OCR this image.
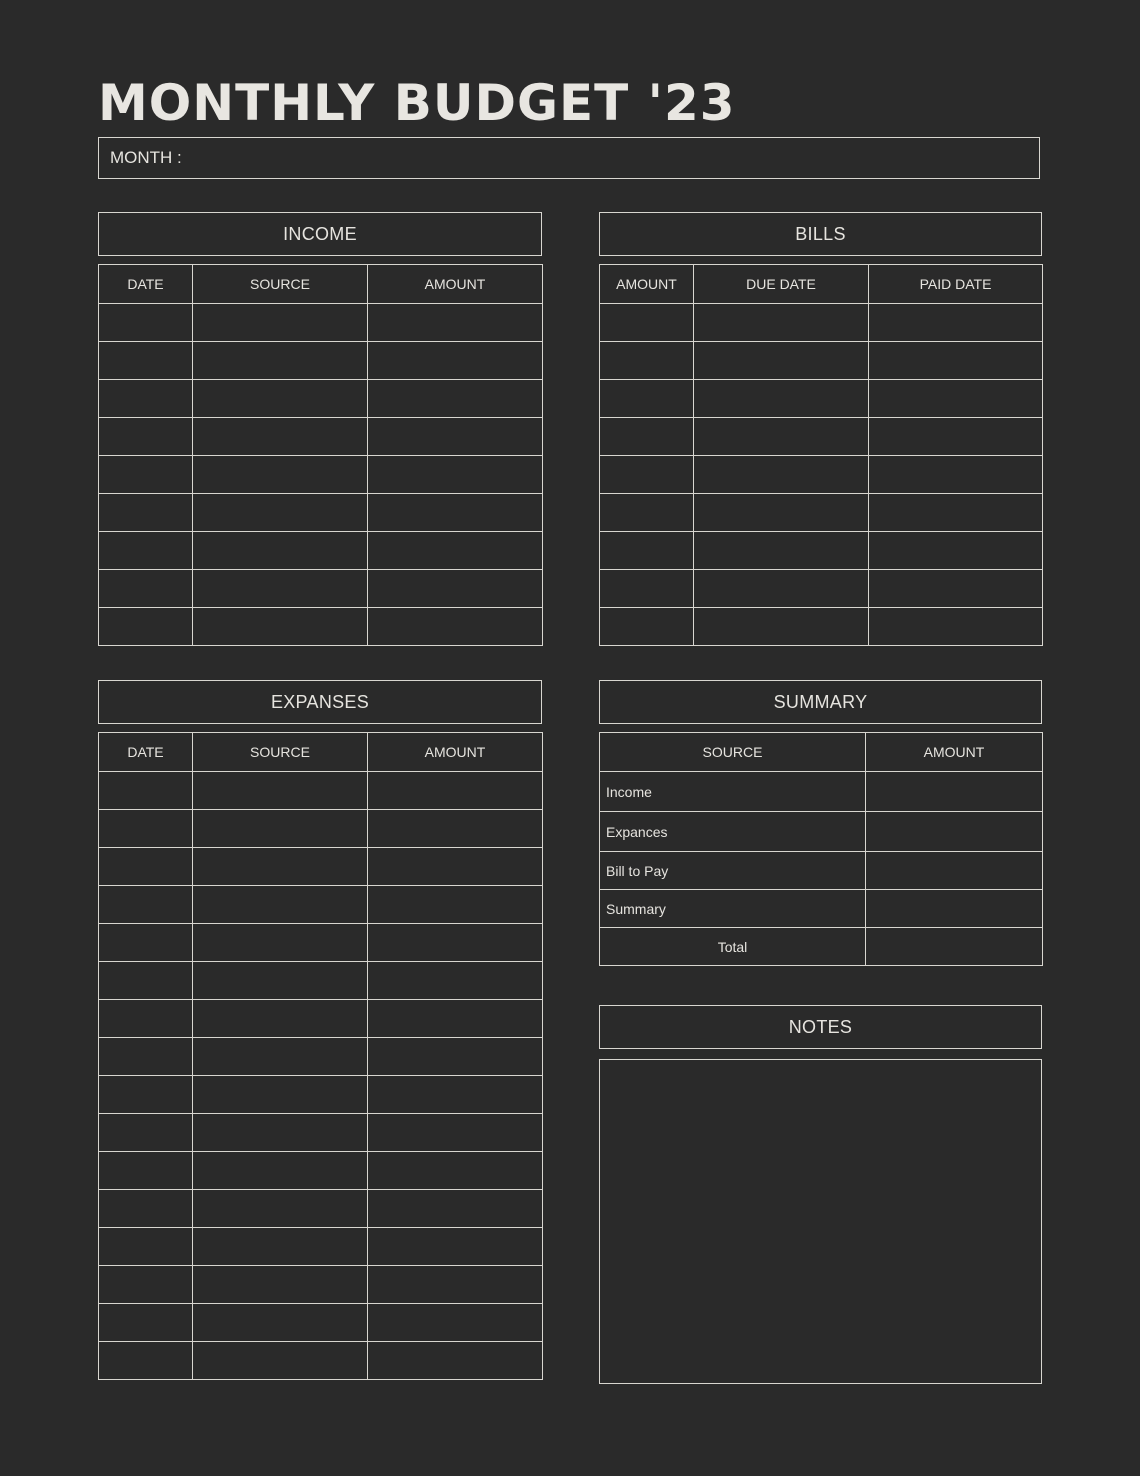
MONTHLY BUDGET '23
MONTH :
INCOME
DATE	SOURCE	AMOUNT

BILLS
AMOUNT	DUE DATE	PAID DATE

EXPANSES
DATE	SOURCE	AMOUNT

SUMMARY
SOURCE	AMOUNT
Income	
Expances	
Bill to Pay	
Summary	
Total	
NOTES
